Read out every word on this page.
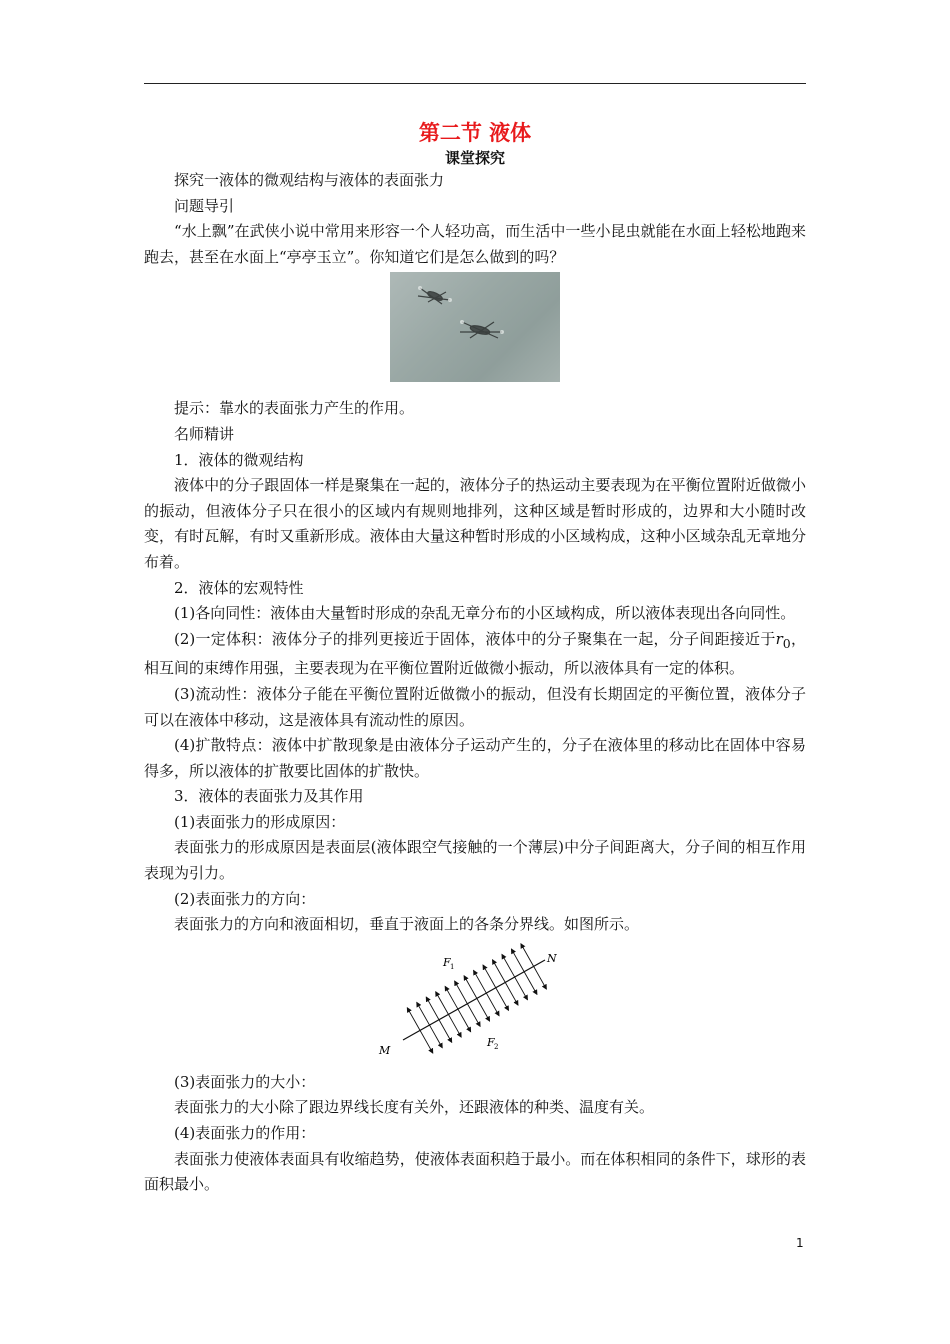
第二节 液体
课堂探究

探究一液体的微观结构与液体的表面张力

问题导引

“水上飘”在武侠小说中常用来形容一个人轻功高，而生活中一些小昆虫就能在水面上轻松地跑来跑去，甚至在水面上“亭亭玉立”。你知道它们是怎么做到的吗？

提示：靠水的表面张力产生的作用。

名师精讲

1．液体的微观结构

液体中的分子跟固体一样是聚集在一起的，液体分子的热运动主要表现为在平衡位置附近做微小的振动，但液体分子只在很小的区域内有规则地排列，这种区域是暂时形成的，边界和大小随时改变，有时瓦解，有时又重新形成。液体由大量这种暂时形成的小区域构成，这种小区域杂乱无章地分布着。

2．液体的宏观特性

(1)各向同性：液体由大量暂时形成的杂乱无章分布的小区域构成，所以液体表现出各向同性。

(2)一定体积：液体分子的排列更接近于固体，液体中的分子聚集在一起，分子间距接近于$r_0$，相互间的束缚作用强，主要表现为在平衡位置附近做微小振动，所以液体具有一定的体积。

(3)流动性：液体分子能在平衡位置附近做微小的振动，但没有长期固定的平衡位置，液体分子可以在液体中移动，这是液体具有流动性的原因。

(4)扩散特点：液体中扩散现象是由液体分子运动产生的，分子在液体里的移动比在固体中容易得多，所以液体的扩散要比固体的扩散快。

3．液体的表面张力及其作用

(1)表面张力的形成原因：

表面张力的形成原因是表面层(液体跟空气接触的一个薄层)中分子间距离大，分子间的相互作用表现为引力。

(2)表面张力的方向：

表面张力的方向和液面相切，垂直于液面上的各条分界线。如图所示。

M
N
F 1
F 2

(3)表面张力的大小：

表面张力的大小除了跟边界线长度有关外，还跟液体的种类、温度有关。

(4)表面张力的作用：

表面张力使液体表面具有收缩趋势，使液体表面积趋于最小。而在体积相同的条件下，球形的表面积最小。

1
